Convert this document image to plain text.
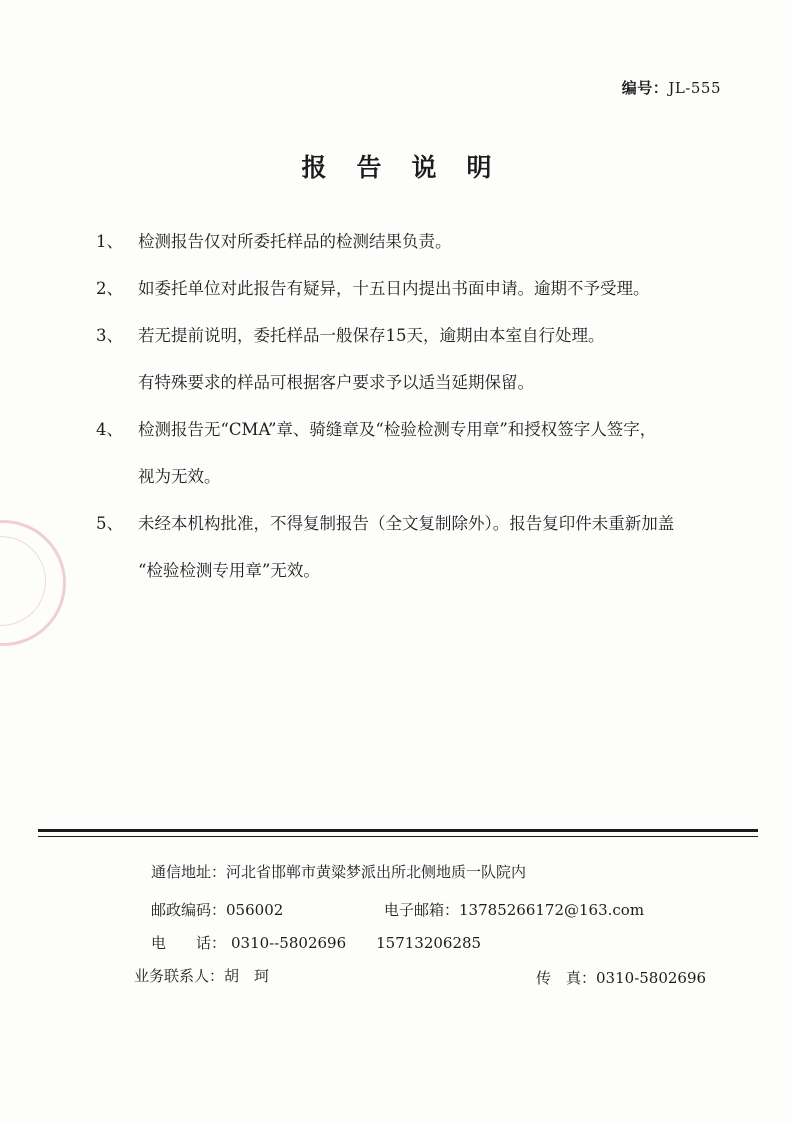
编号：JL-555
报告说明
1、 检测报告仅对所委托样品的检测结果负责。
2、 如委托单位对此报告有疑异，十五日内提出书面申请。逾期不予受理。
3、 若无提前说明，委托样品一般保存15天，逾期由本室自行处理。
有特殊要求的样品可根据客户要求予以适当延期保留。
4、 检测报告无“CMA”章、骑缝章及“检验检测专用章”和授权签字人签字，
视为无效。
5、 未经本机构批准，不得复制报告（全文复制除外）。报告复印件未重新加盖
“检验检测专用章”无效。
通信地址：河北省邯郸市黄粱梦派出所北侧地质一队院内
邮政编码：056002	电子邮箱：13785266172@163.com
电　　话： 0310--5802696 15713206285
业务联系人：胡　珂	传　真：0310-5802696
